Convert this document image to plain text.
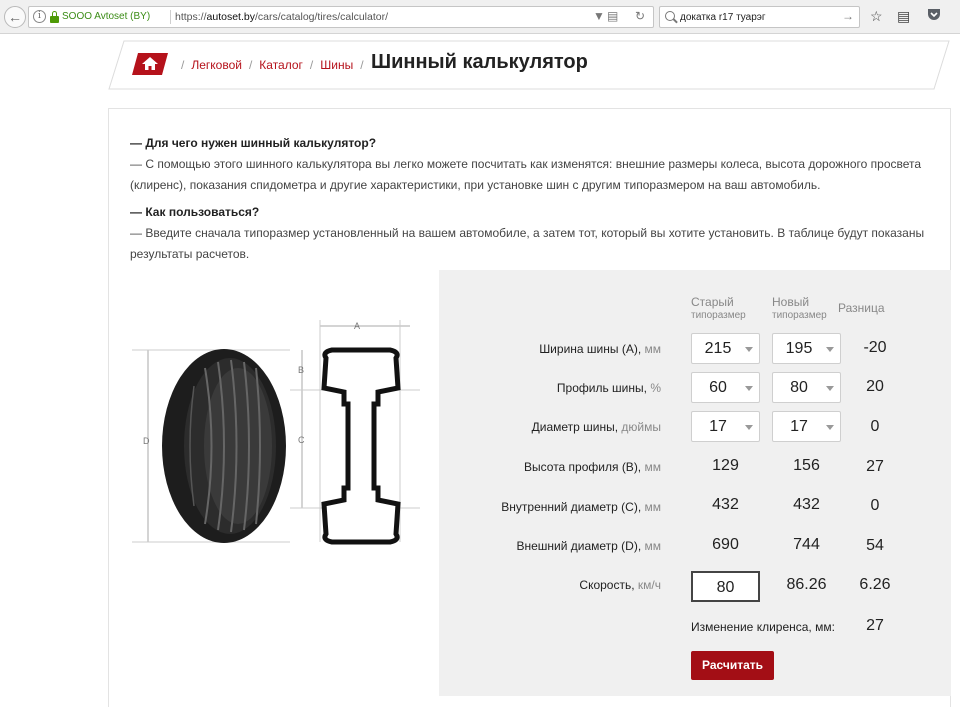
←	i	SOOO Avtoset (BY) https://autoset.by/cars/catalog/tires/calculator/	▼ ▤ ↻	докатка r17 туарэг	→ ☆ ▤
/ Легковой / Каталог / Шины / Шинный калькулятор
— Для чего нужен шинный калькулятор?
— С помощью этого шинного калькулятора вы легко можете посчитать как изменятся: внешние размеры колеса, высота дорожного просвета (клиренс), показания спидометра и другие характеристики, при установке шин с другим типоразмером на ваш автомобиль.
— Как пользоваться?
— Введите сначала типоразмер установленный на вашем автомобиле, а затем тот, который вы хотите установить. В таблице будут показаны результаты расчетов.
D
A
B
C
Старый
типоразмер
Новый
типоразмер
Разница
Ширина шины (A), мм	215	195	-20
Профиль шины, %	60	80	20
Диаметр шины, дюймы	17	17	0
Высота профиля (B), мм	129	156	27
Внутренний диаметр (C), мм	432	432	0
Внешний диаметр (D), мм	690	744	54
Скорость, км/ч	80	86.26	6.26
Изменение клиренса, мм:	27
Расчитать
